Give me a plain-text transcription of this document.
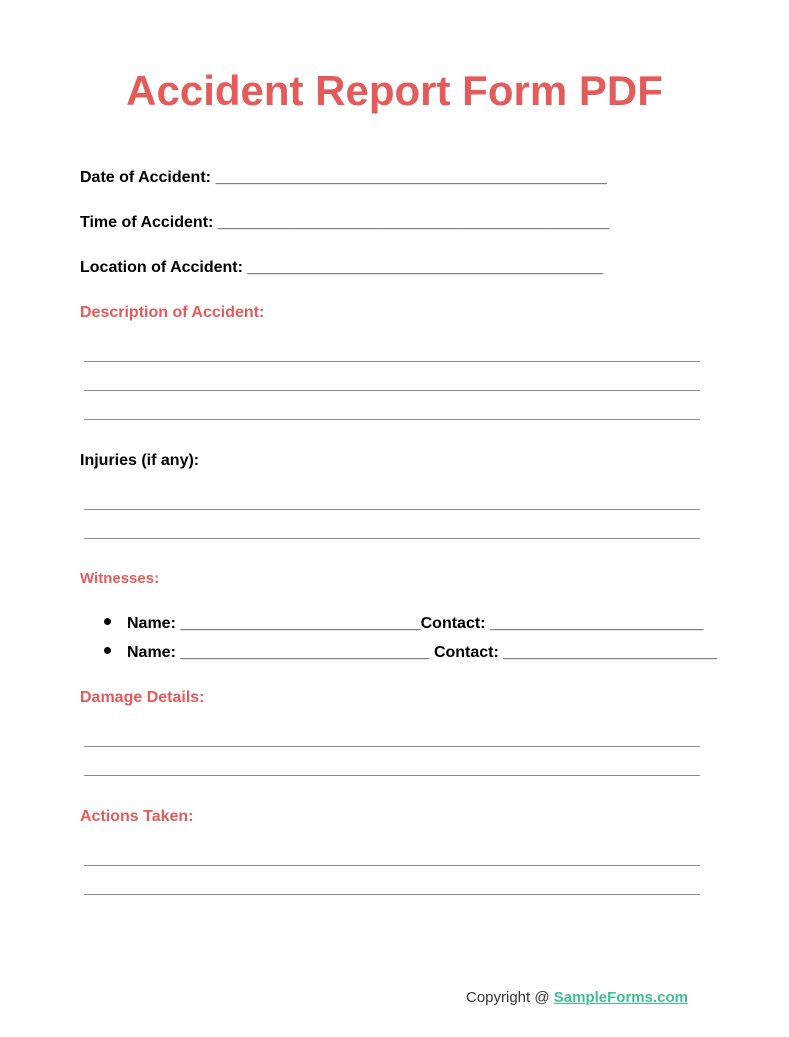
Accident Report Form PDF
Date of Accident: ____________________________________________
Time of Accident: ____________________________________________
Location of Accident: ________________________________________
Description of Accident:
Injuries (if any):
Witnesses:
Name: ___________________________Contact: ________________________
Name: ____________________________ Contact: ________________________
Damage Details:
Actions Taken:
Copyright @ SampleForms.com
